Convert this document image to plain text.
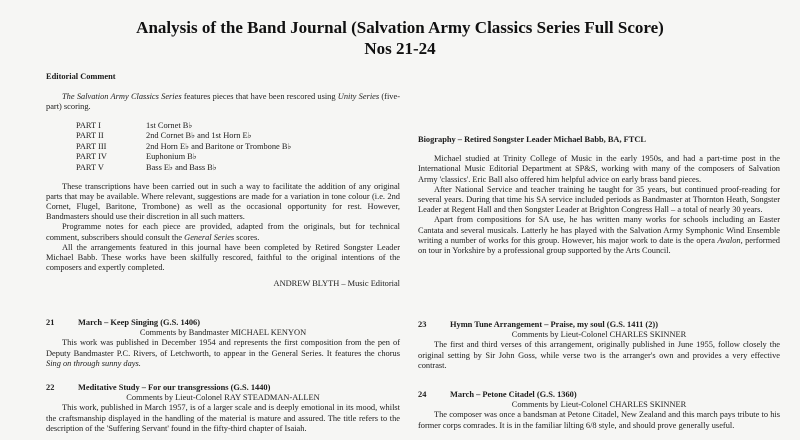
Analysis of the Band Journal (Salvation Army Classics Series Full Score)
Nos 21-24
Editorial Comment

The Salvation Army Classics Series features pieces that have been rescored using Unity Series (five-part) scoring.

PART I	1st Cornet B♭
PART II	2nd Cornet B♭ and 1st Horn E♭
PART III	2nd Horn E♭ and Baritone or Trombone B♭
PART IV	Euphonium B♭
PART V	Bass E♭ and Bass B♭

These transcriptions have been carried out in such a way to facilitate the addition of any original parts that may be available. Where relevant, suggestions are made for a variation in tone colour (i.e. 2nd Cornet, Flugel, Baritone, Trombone) as well as the occasional opportunity for rest. However, Bandmasters should use their discretion in all such matters.

Programme notes for each piece are provided, adapted from the originals, but for technical comment, subscribers should consult the General Series scores.

All the arrangements featured in this journal have been completed by Retired Songster Leader Michael Babb. These works have been skilfully rescored, faithful to the original intentions of the composers and expertly completed.

ANDREW BLYTH – Music Editorial
Biography – Retired Songster Leader Michael Babb, BA, FTCL

Michael studied at Trinity College of Music in the early 1950s, and had a part-time post in the International Music Editorial Department at SP&S, working with many of the composers of Salvation Army 'classics'. Eric Ball also offered him helpful advice on early brass band pieces.

After National Service and teacher training he taught for 35 years, but continued proof-reading for several years. During that time his SA service included periods as Bandmaster at Thornton Heath, Songster Leader at Regent Hall and then Songster Leader at Brighton Congress Hall – a total of nearly 30 years.

Apart from compositions for SA use, he has written many works for schools including an Easter Cantata and several musicals. Latterly he has played with the Salvation Army Symphonic Wind Ensemble writing a number of works for this group. However, his major work to date is the opera Avalon, performed on tour in Yorkshire by a professional group supported by the Arts Council.

21	March – Keep Singing (G.S. 1406)
Comments by Bandmaster MICHAEL KENYON

This work was published in December 1954 and represents the first composition from the pen of Deputy Bandmaster P.C. Rivers, of Letchworth, to appear in the General Series. It features the chorus Sing on through sunny days.

22	Meditative Study – For our transgressions (G.S. 1440)
Comments by Lieut-Colonel RAY STEADMAN-ALLEN

This work, published in March 1957, is of a larger scale and is deeply emotional in its mood, whilst the craftsmanship displayed in the handling of the material is mature and assured. The title refers to the description of the 'Suffering Servant' found in the fifty-third chapter of Isaiah.

23	Hymn Tune Arrangement – Praise, my soul (G.S. 1411 (2))
Comments by Lieut-Colonel CHARLES SKINNER

The first and third verses of this arrangement, originally published in June 1955, follow closely the original setting by Sir John Goss, while verse two is the arranger's own and provides a very effective contrast.

24	March – Petone Citadel (G.S. 1360)
Comments by Lieut-Colonel CHARLES SKINNER

The composer was once a bandsman at Petone Citadel, New Zealand and this march pays tribute to his former corps comrades. It is in the familiar lilting 6/8 style, and should prove generally useful.
